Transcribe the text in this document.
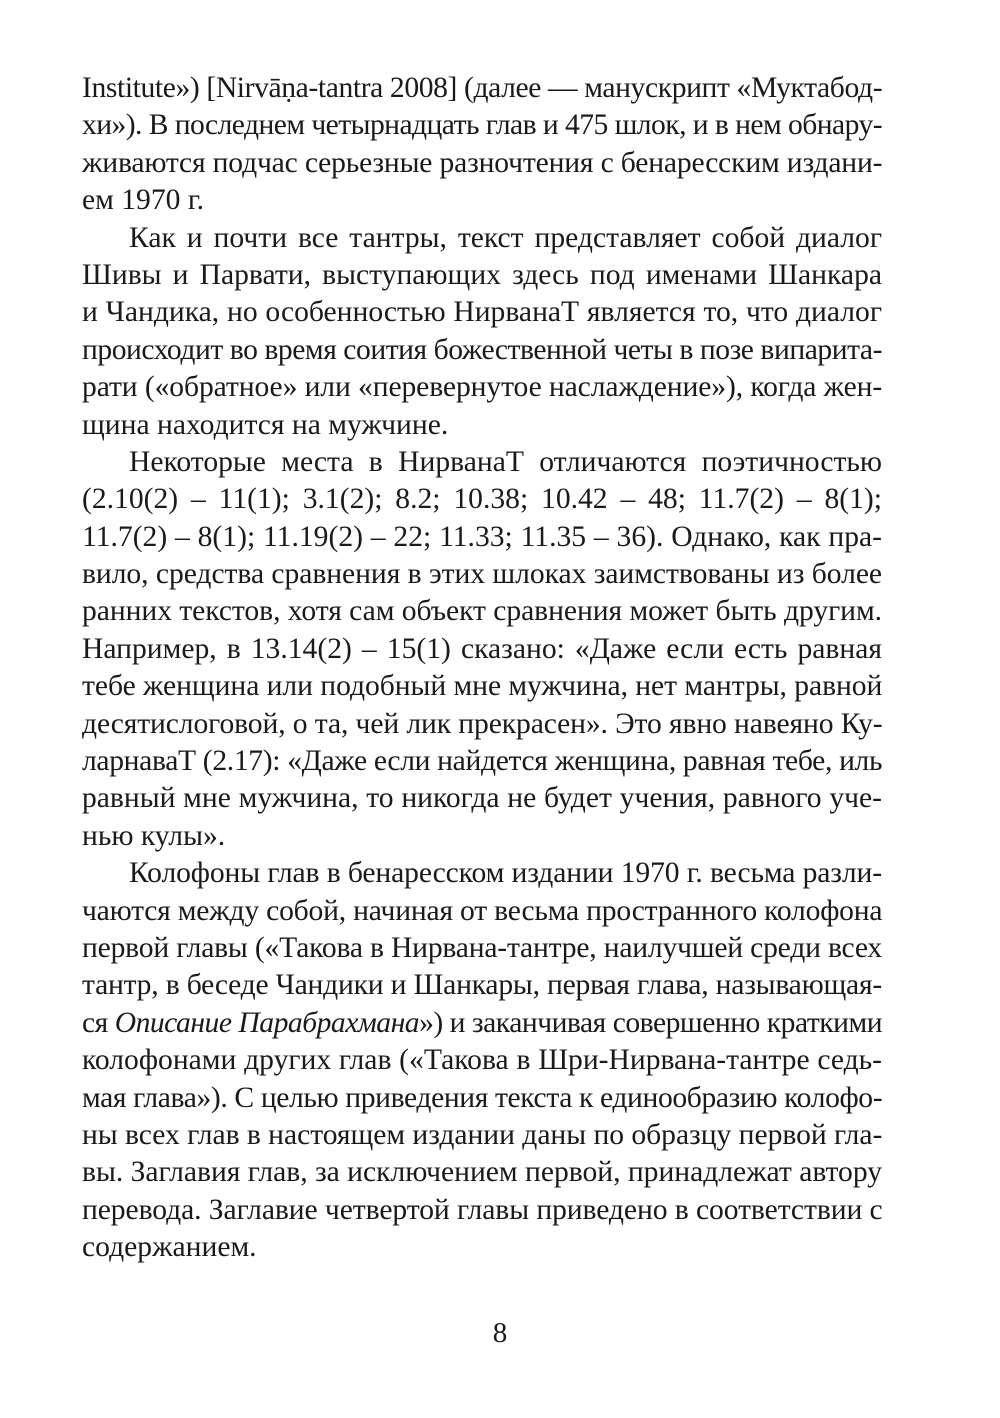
Institute») [Nirvāṇa-tantra 2008] (далее — манускрипт «Муктабод-
хи»). В последнем четырнадцать глав и 475 шлок, и в нем обнару-
живаются подчас серьезные разночтения с бенаресским издани-
ем 1970 г.
Как и почти все тантры, текст представляет собой диалог
Шивы и Парвати, выступающих здесь под именами Шанкара
и Чандика, но особенностью НирванаТ является то, что диалог
происходит во время соития божественной четы в позе випарита-
рати («обратное» или «перевернутое наслаждение»), когда жен-
щина находится на мужчине.
Некоторые места в НирванаТ отличаются поэтичностью
(2.10(2) – 11(1); 3.1(2); 8.2; 10.38; 10.42 – 48; 11.7(2) – 8(1);
11.7(2) – 8(1); 11.19(2) – 22; 11.33; 11.35 – 36). Однако, как пра-
вило, средства сравнения в этих шлоках заимствованы из более
ранних текстов, хотя сам объект сравнения может быть другим.
Например, в 13.14(2) – 15(1) сказано: «Даже если есть равная
тебе женщина или подобный мне мужчина, нет мантры, равной
десятислоговой, о та, чей лик прекрасен». Это явно навеяно Ку-
ларнаваТ (2.17): «Даже если найдется женщина, равная тебе, иль
равный мне мужчина, то никогда не будет учения, равного уче-
нью кулы».
Колофоны глав в бенаресском издании 1970 г. весьма разли-
чаются между собой, начиная от весьма пространного колофона
первой главы («Такова в Нирвана-тантре, наилучшей среди всех
тантр, в беседе Чандики и Шанкары, первая глава, называющая-
ся Описание Парабрахмана») и заканчивая совершенно краткими
колофонами других глав («Такова в Шри-Нирвана-тантре седь-
мая глава»). С целью приведения текста к единообразию колофо-
ны всех глав в настоящем издании даны по образцу первой гла-
вы. Заглавия глав, за исключением первой, принадлежат автору
перевода. Заглавие четвертой главы приведено в соответствии с
содержанием.
8
